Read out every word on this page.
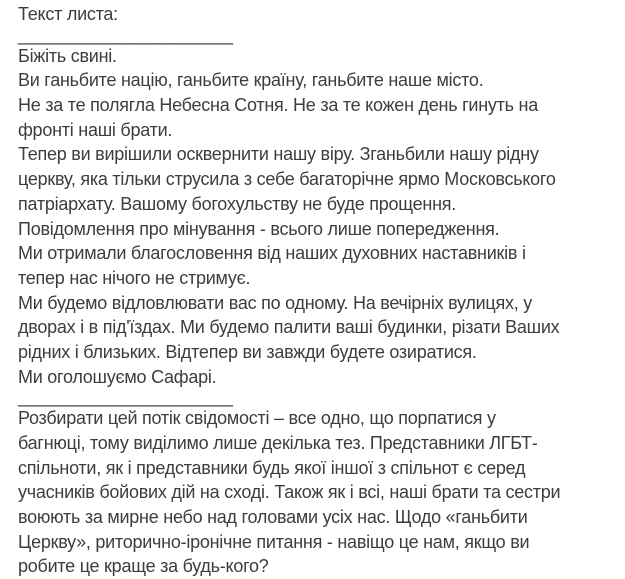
Текст листа:
______________________
Біжіть свині.
Ви ганьбите націю, ганьбите країну, ганьбите наше місто.
Не за те полягла Небесна Сотня. Не за те кожен день гинуть на
фронті наші брати.
Тепер ви вирішили осквернити нашу віру. Зганьбили нашу рідну
церкву, яка тільки струсила з себе багаторічне ярмо Московського
патріархату. Вашому богохульству не буде прощення.
Повідомлення про мінування - всього лише попередження.
Ми отримали благословення від наших духовних наставників і
тепер нас нічого не стримує.
Ми будемо відловлювати вас по одному. На вечірніх вулицях, у
дворах і в під'їздах. Ми будемо палити ваші будинки, різати Ваших
рідних і близьких. Відтепер ви завжди будете озиратися.
Ми оголошуємо Сафарі.
______________________
Розбирати цей потік свідомості – все одно, що порпатися у
багнюці, тому виділимо лише декілька тез. Представники ЛГБТ-
спільноти, як і представники будь якої іншої з спільнот є серед
учасників бойових дій на сході. Також як і всі, наші брати та сестри
воюють за мирне небо над головами усіх нас. Щодо «ганьбити
Церкву», риторично-іронічне питання - навіщо це нам, якщо ви
робите це краще за будь-кого?
